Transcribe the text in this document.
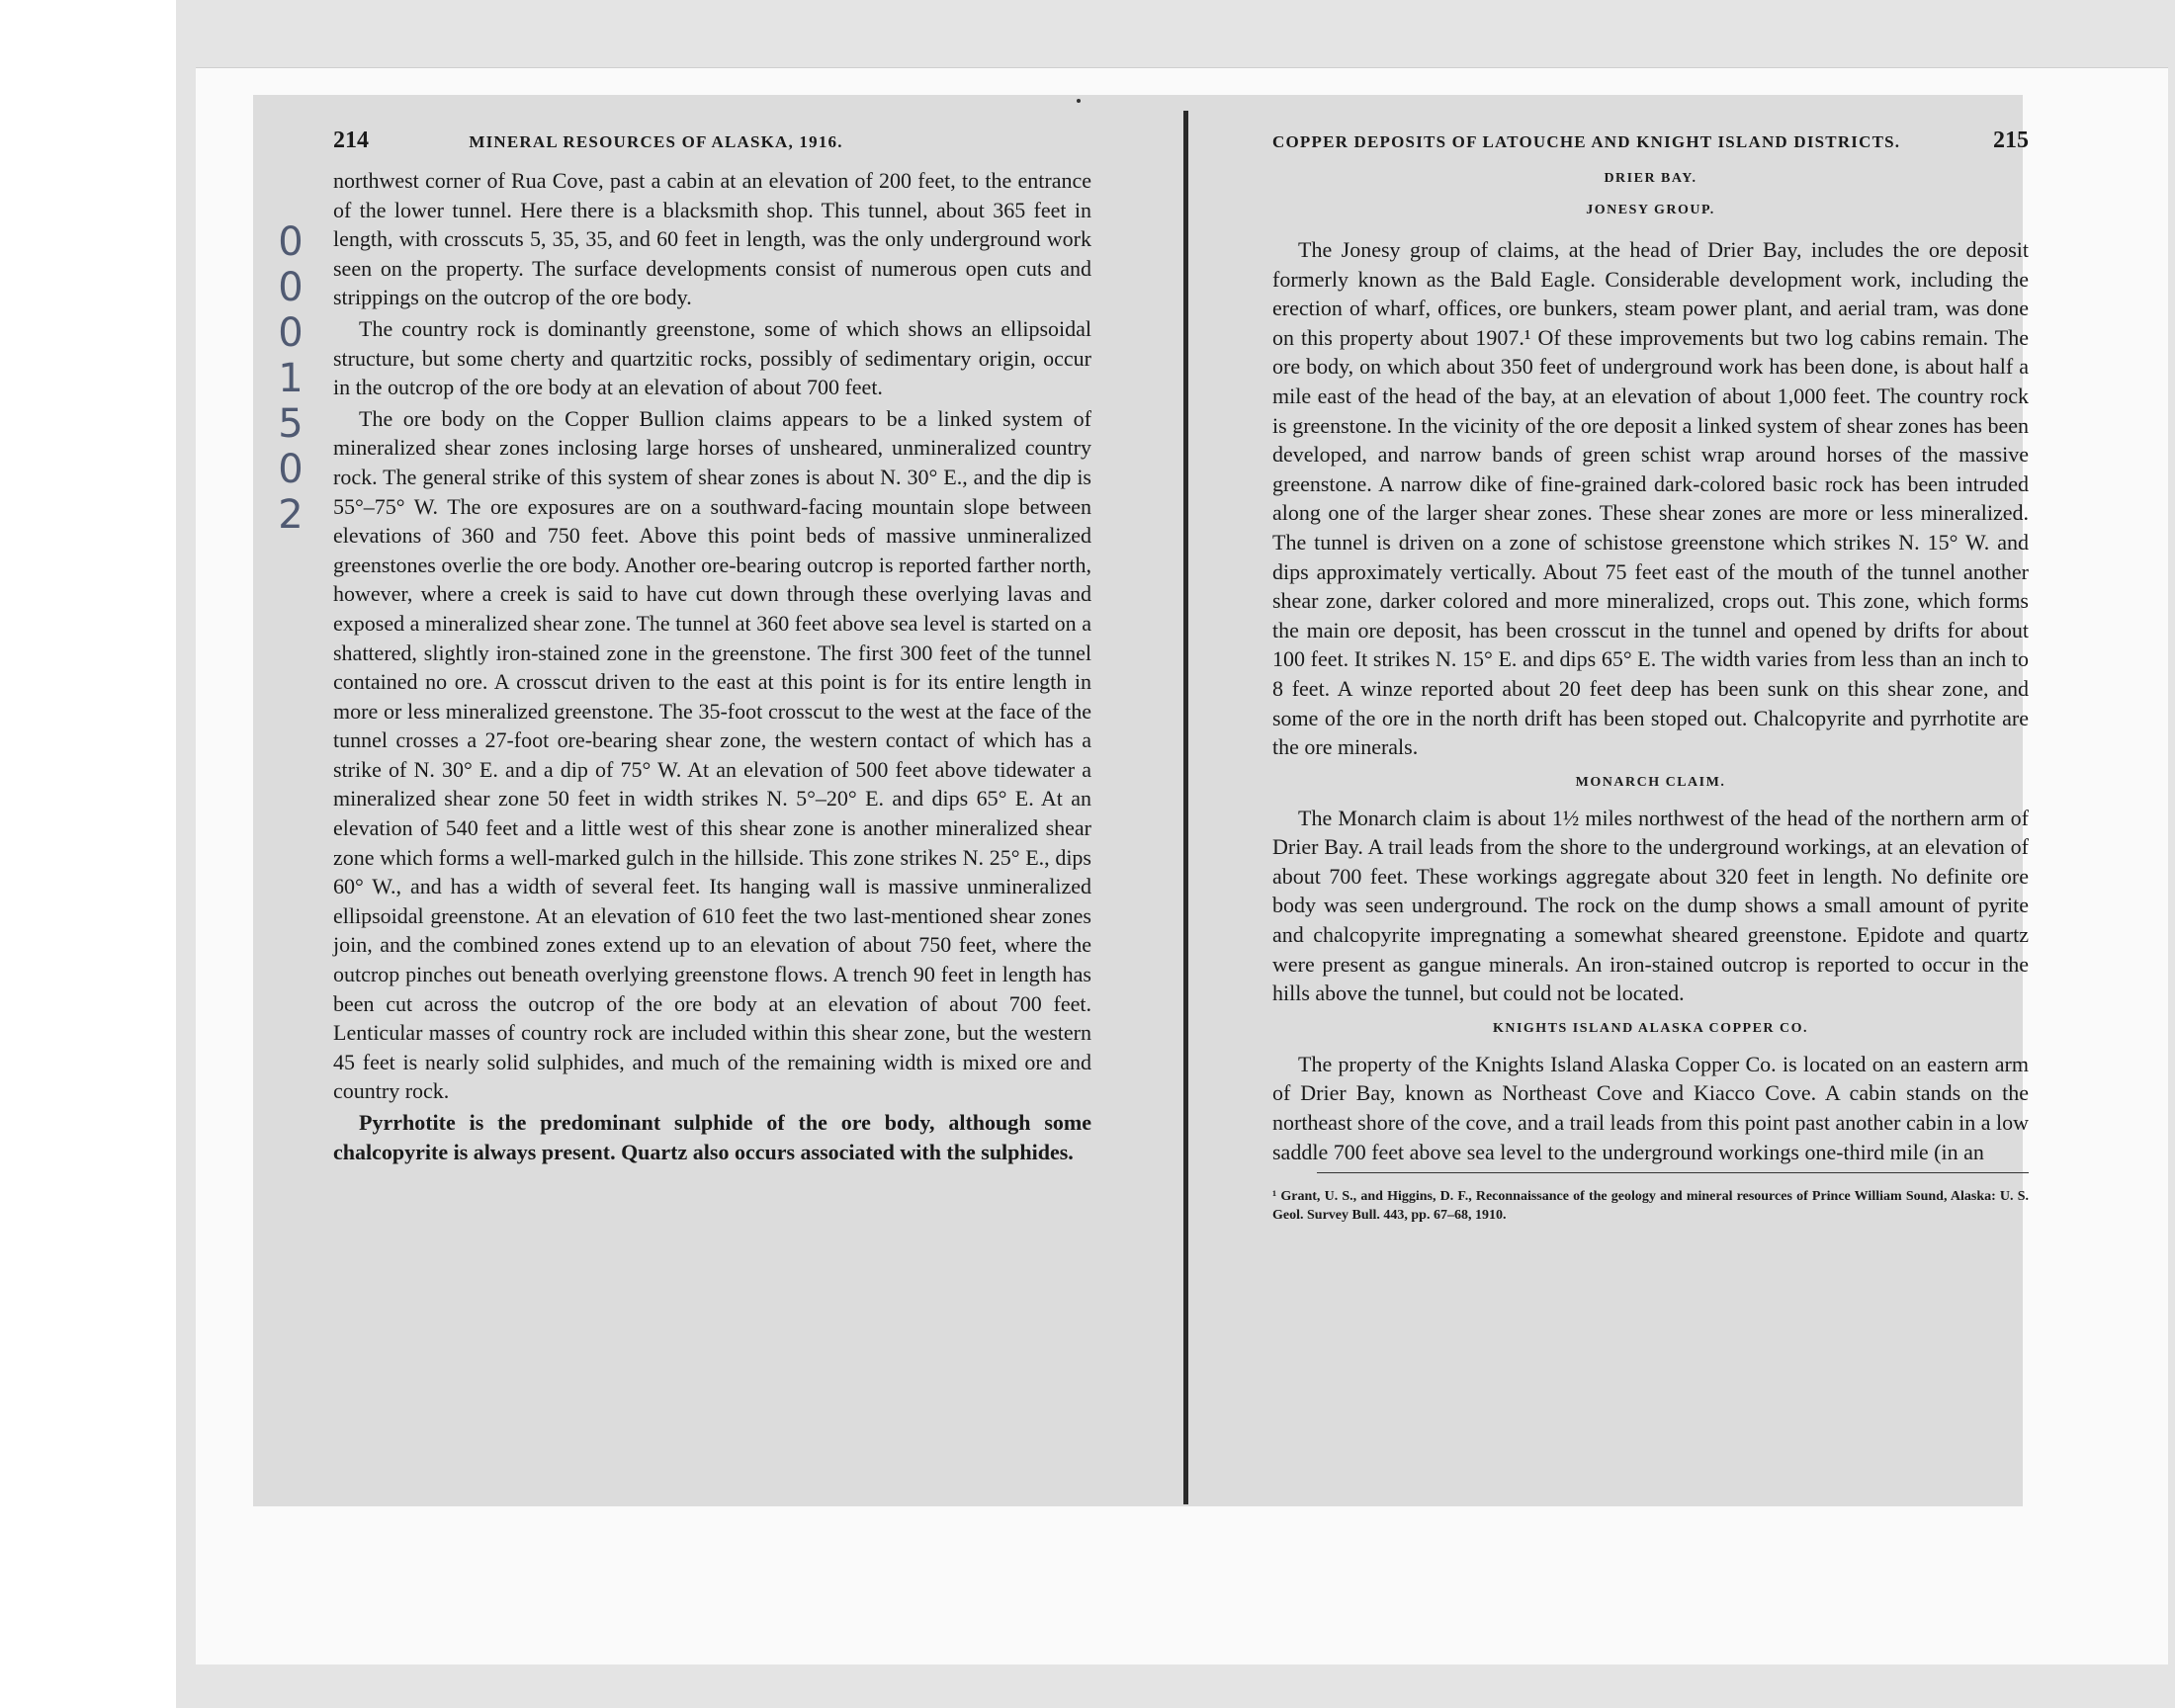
0
0
0
1
5
0
2
214	MINERAL RESOURCES OF ALASKA, 1916.

northwest corner of Rua Cove, past a cabin at an elevation of 200 feet, to the entrance of the lower tunnel. Here there is a blacksmith shop. This tunnel, about 365 feet in length, with crosscuts 5, 35, 35, and 60 feet in length, was the only underground work seen on the property. The surface developments consist of numerous open cuts and strippings on the outcrop of the ore body.

The country rock is dominantly greenstone, some of which shows an ellipsoidal structure, but some cherty and quartzitic rocks, possibly of sedimentary origin, occur in the outcrop of the ore body at an elevation of about 700 feet.

The ore body on the Copper Bullion claims appears to be a linked system of mineralized shear zones inclosing large horses of unsheared, unmineralized country rock. The general strike of this system of shear zones is about N. 30° E., and the dip is 55°–75° W. The ore exposures are on a southward-facing mountain slope between elevations of 360 and 750 feet. Above this point beds of massive unmineralized greenstones overlie the ore body. Another ore-bearing outcrop is reported farther north, however, where a creek is said to have cut down through these overlying lavas and exposed a mineralized shear zone. The tunnel at 360 feet above sea level is started on a shattered, slightly iron-stained zone in the greenstone. The first 300 feet of the tunnel contained no ore. A crosscut driven to the east at this point is for its entire length in more or less mineralized greenstone. The 35-foot crosscut to the west at the face of the tunnel crosses a 27-foot ore-bearing shear zone, the western contact of which has a strike of N. 30° E. and a dip of 75° W. At an elevation of 500 feet above tidewater a mineralized shear zone 50 feet in width strikes N. 5°–20° E. and dips 65° E. At an elevation of 540 feet and a little west of this shear zone is another mineralized shear zone which forms a well-marked gulch in the hillside. This zone strikes N. 25° E., dips 60° W., and has a width of several feet. Its hanging wall is massive unmineralized ellipsoidal greenstone. At an elevation of 610 feet the two last-mentioned shear zones join, and the combined zones extend up to an elevation of about 750 feet, where the outcrop pinches out beneath overlying greenstone flows. A trench 90 feet in length has been cut across the outcrop of the ore body at an elevation of about 700 feet. Lenticular masses of country rock are included within this shear zone, but the western 45 feet is nearly solid sulphides, and much of the remaining width is mixed ore and country rock.

Pyrrhotite is the predominant sulphide of the ore body, although some chalcopyrite is always present. Quartz also occurs associated with the sulphides.

COPPER DEPOSITS OF LATOUCHE AND KNIGHT ISLAND DISTRICTS.	215
DRIER BAY.
JONESY GROUP.

The Jonesy group of claims, at the head of Drier Bay, includes the ore deposit formerly known as the Bald Eagle. Considerable development work, including the erection of wharf, offices, ore bunkers, steam power plant, and aerial tram, was done on this property about 1907.¹ Of these improvements but two log cabins remain. The ore body, on which about 350 feet of underground work has been done, is about half a mile east of the head of the bay, at an elevation of about 1,000 feet. The country rock is greenstone. In the vicinity of the ore deposit a linked system of shear zones has been developed, and narrow bands of green schist wrap around horses of the massive greenstone. A narrow dike of fine-grained dark-colored basic rock has been intruded along one of the larger shear zones. These shear zones are more or less mineralized. The tunnel is driven on a zone of schistose greenstone which strikes N. 15° W. and dips approximately vertically. About 75 feet east of the mouth of the tunnel another shear zone, darker colored and more mineralized, crops out. This zone, which forms the main ore deposit, has been crosscut in the tunnel and opened by drifts for about 100 feet. It strikes N. 15° E. and dips 65° E. The width varies from less than an inch to 8 feet. A winze reported about 20 feet deep has been sunk on this shear zone, and some of the ore in the north drift has been stoped out. Chalcopyrite and pyrrhotite are the ore minerals.

MONARCH CLAIM.

The Monarch claim is about 1½ miles northwest of the head of the northern arm of Drier Bay. A trail leads from the shore to the underground workings, at an elevation of about 700 feet. These workings aggregate about 320 feet in length. No definite ore body was seen underground. The rock on the dump shows a small amount of pyrite and chalcopyrite impregnating a somewhat sheared greenstone. Epidote and quartz were present as gangue minerals. An iron-stained outcrop is reported to occur in the hills above the tunnel, but could not be located.

KNIGHTS ISLAND ALASKA COPPER CO.

The property of the Knights Island Alaska Copper Co. is located on an eastern arm of Drier Bay, known as Northeast Cove and Kiacco Cove. A cabin stands on the northeast shore of the cove, and a trail leads from this point past another cabin in a low saddle 700 feet above sea level to the underground workings one-third mile (in an

¹ Grant, U. S., and Higgins, D. F., Reconnaissance of the geology and mineral resources of Prince William Sound, Alaska: U. S. Geol. Survey Bull. 443, pp. 67–68, 1910.
